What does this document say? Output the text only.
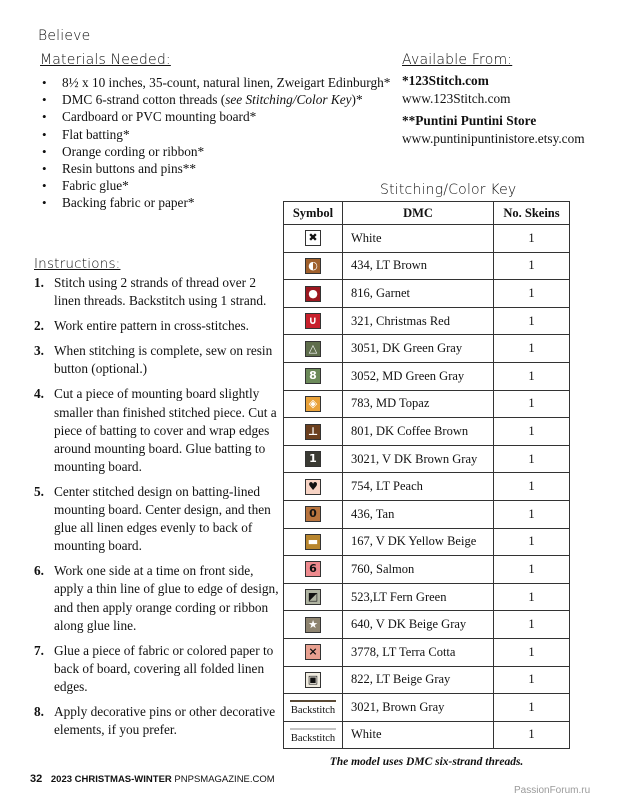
Believe
Materials Needed:
• 8½ x 10 inches, 35-count, natural linen, Zweigart Edinburgh*
• DMC 6-strand cotton threads (see Stitching/Color Key)*
• Cardboard or PVC mounting board*
• Flat batting*
• Orange cording or ribbon*
• Resin buttons and pins**
• Fabric glue*
• Backing fabric or paper*
Available From:
*123Stitch.com
www.123Stitch.com
**Puntini Puntini Store
www.puntinipuntinistore.etsy.com
Stitching/Color Key
Symbol	DMC	No. Skeins
✖	White	1
◐	434, LT Brown	1
●	816, Garnet	1
∪	321, Christmas Red	1
△	3051, DK Green Gray	1
8	3052, MD Green Gray	1
◈	783, MD Topaz	1
⊥	801, DK Coffee Brown	1
1	3021, V DK Brown Gray	1
♥	754, LT Peach	1
0	436, Tan	1
▬	167, V DK Yellow Beige	1
6	760, Salmon	1
◩	523,LT Fern Green	1
★	640, V DK Beige Gray	1
⨯	3778, LT Terra Cotta	1
▣	822, LT Beige Gray	1

Backstitch	3021, Brown Gray	1

Backstitch	White	1
The model uses DMC six-strand threads.
Instructions:
1. Stitch using 2 strands of thread over 2 linen threads. Backstitch using 1 strand.
2. Work entire pattern in cross-stitches.
3. When stitching is complete, sew on resin button (optional.)
4. Cut a piece of mounting board slightly smaller than finished stitched piece. Cut a piece of batting to cover and wrap edges around mounting board. Glue batting to mounting board.
5. Center stitched design on batting-lined mounting board. Center design, and then glue all linen edges evenly to back of mounting board.
6. Work one side at a time on front side, apply a thin line of glue to edge of design, and then apply orange cording or ribbon along glue line.
7. Glue a piece of fabric or colored paper to back of board, covering all folded linen edges.
8. Apply decorative pins or other decorative elements, if you prefer.
32 2023 CHRISTMAS-WINTER PNPSMAGAZINE.COM
PassionForum.ru
